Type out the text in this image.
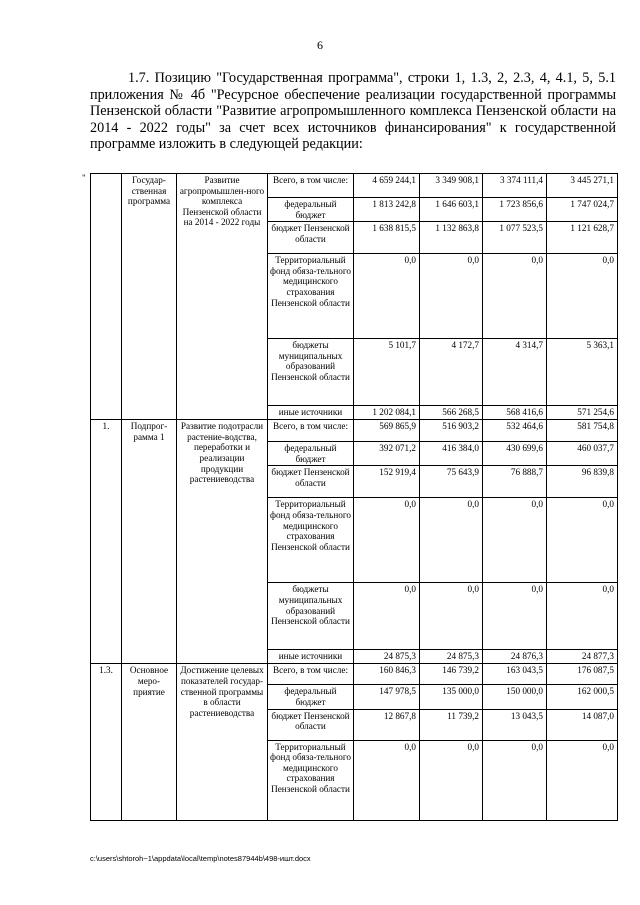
6

1.7. Позицию "Государственная программа", строки 1, 1.3, 2, 2.3, 4, 4.1, 5, 5.1 приложения № 4б "Ресурсное обеспечение реализации государственной программы Пензенской области "Развитие агропромышленного комплекса Пензенской области на 2014 - 2022 годы" за счет всех источников финансирования" к государственной программе изложить в следующей редакции:

"
		Государ-ственная программа	Развитие агропромышлен-ного комплекса Пензенской области на 2014 - 2022 годы	Всего, в том числе:	4 659 244,1	3 349 908,1	3 374 111,4	3 445 271,1
			федеральный бюджет	1 813 242,8	1 646 603,1	1 723 856,6	1 747 024,7
			бюджет Пензенской области	1 638 815,5	1 132 863,8	1 077 523,5	1 121 628,7
			Территориальный фонд обяза-тельного медицинского страхования Пензенской области	0,0	0,0	0,0	0,0
			бюджеты муниципальных образований Пензенской области	5 101,7	4 172,7	4 314,7	5 363,1
			иные источники	1 202 084,1	566 268,5	568 416,6	571 254,6
1.	Подпрог-рамма 1	Развитие подотрасли растение-водства, переработки и реализации продукции растениеводства	Всего, в том числе:	569 865,9	516 903,2	532 464,6	581 754,8
			федеральный бюджет	392 071,2	416 384,0	430 699,6	460 037,7
			бюджет Пензенской области	152 919,4	75 643,9	76 888,7	96 839,8
			Территориальный фонд обяза-тельного медицинского страхования Пензенской области	0,0	0,0	0,0	0,0
			бюджеты муниципальных образований Пензенской области	0,0	0,0	0,0	0,0
			иные источники	24 875,3	24 875,3	24 876,3	24 877,3
1.3.	Основное меро-приятие	Достижение целевых показателей государ-ственной программы в области растениеводства	Всего, в том числе:	160 846,3	146 739,2	163 043,5	176 087,5
			федеральный бюджет	147 978,5	135 000,0	150 000,0	162 000,5
			бюджет Пензенской области	12 867,8	11 739,2	13 043,5	14 087,0
			Территориальный фонд обяза-тельного медицинского страхования Пензенской области	0,0	0,0	0,0	0,0
c:\users\shtoroh~1\appdata\local\temp\notes87944b\498-ишт.docx
